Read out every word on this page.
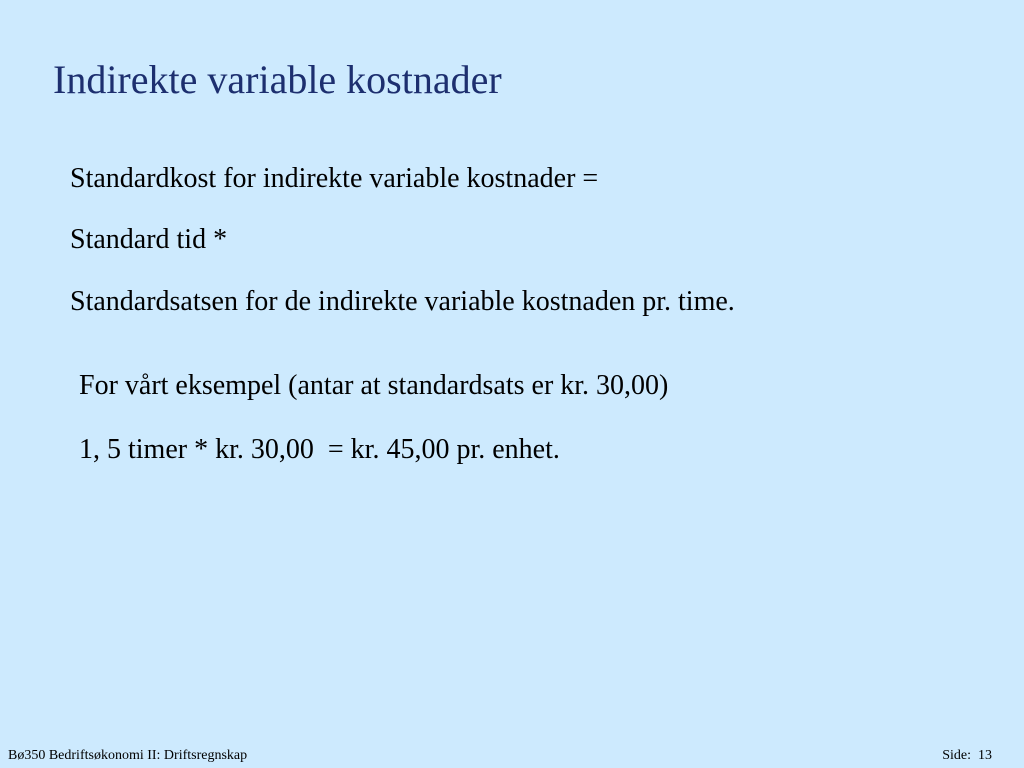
Indirekte variable kostnader
Standardkost for indirekte variable kostnader =
Standard tid *
Standardsatsen for de indirekte variable kostnaden pr. time.
For vårt eksempel (antar at standardsats er kr. 30,00)
1, 5 timer * kr. 30,00  = kr. 45,00 pr. enhet.
Bø350 Bedriftsøkonomi II: Driftsregnskap	Side: 13
